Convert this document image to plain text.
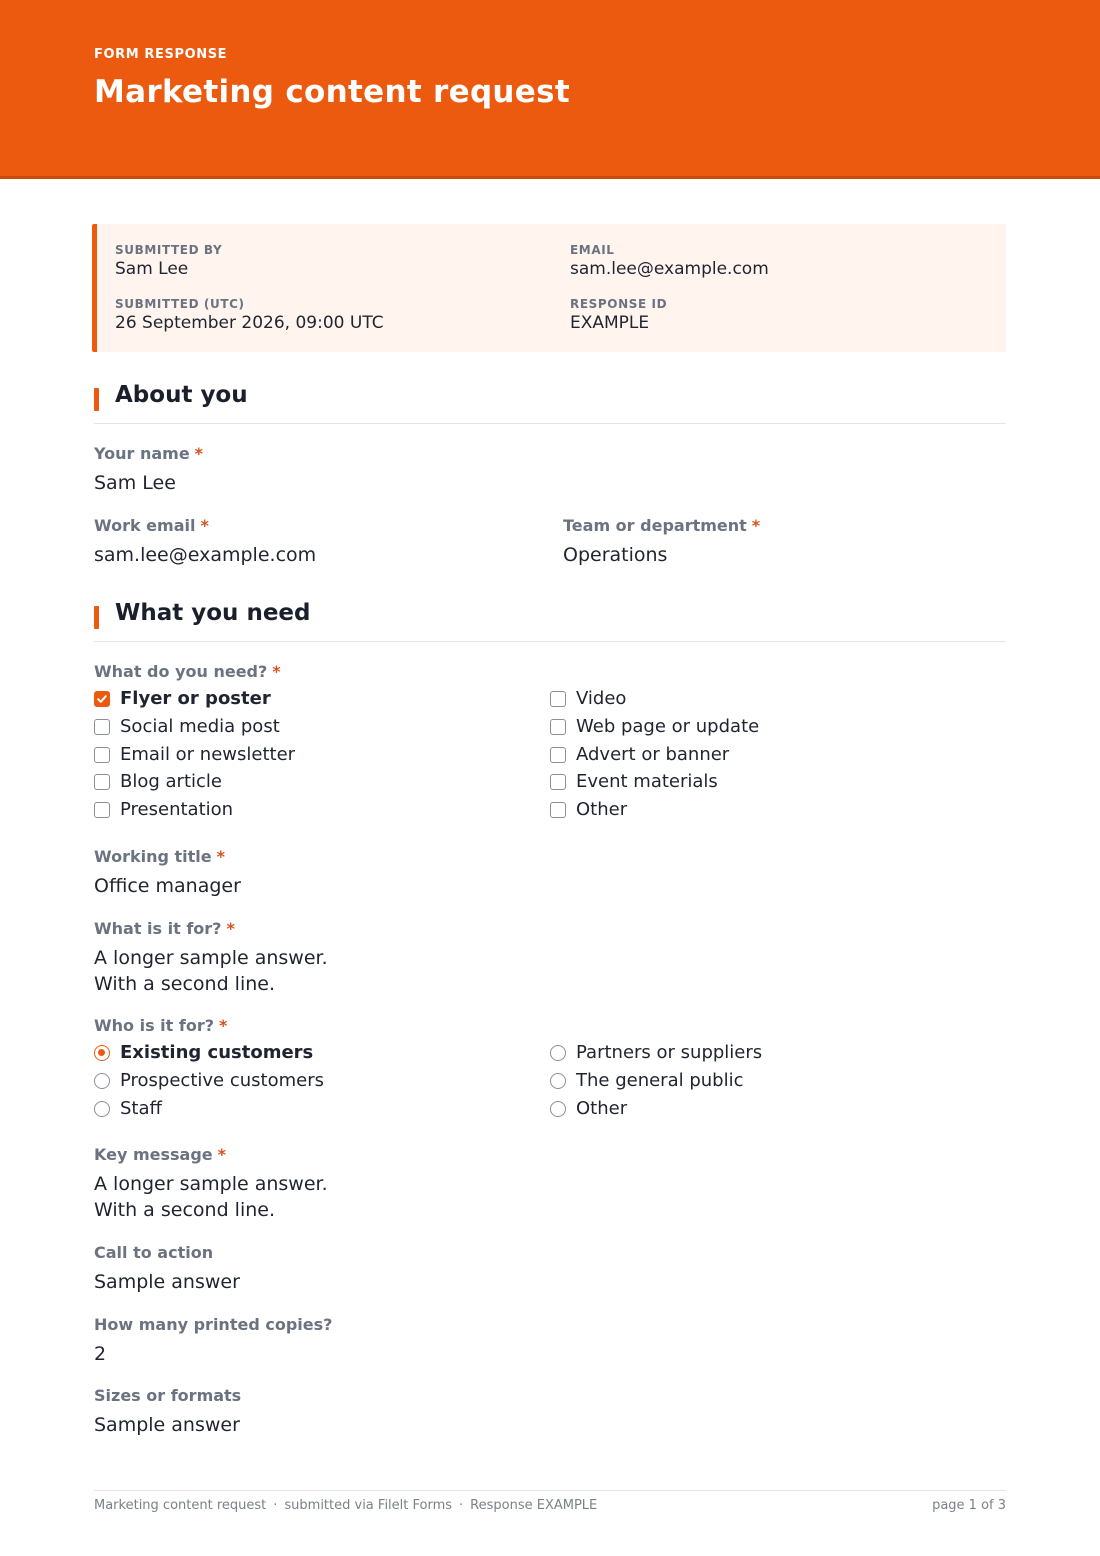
FORM RESPONSE
Marketing content request
SUBMITTED BY
Sam Lee
EMAIL
sam.lee@example.com
SUBMITTED (UTC)
26 September 2026, 09:00 UTC
RESPONSE ID
EXAMPLE
About you
Your name *
Sam Lee
Work email *
sam.lee@example.com
Team or department *
Operations
What you need
What do you need? *
Flyer or poster
Social media post
Email or newsletter
Blog article
Presentation
Video
Web page or update
Advert or banner
Event materials
Other
Working title *
Office manager
What is it for? *
A longer sample answer.
With a second line.
Who is it for? *
Existing customers
Prospective customers
Staff
Partners or suppliers
The general public
Other
Key message *
A longer sample answer.
With a second line.
Call to action
Sample answer
How many printed copies?
2
Sizes or formats
Sample answer
Marketing content request · submitted via Filelt Forms · Response EXAMPLE	page 1 of 3
